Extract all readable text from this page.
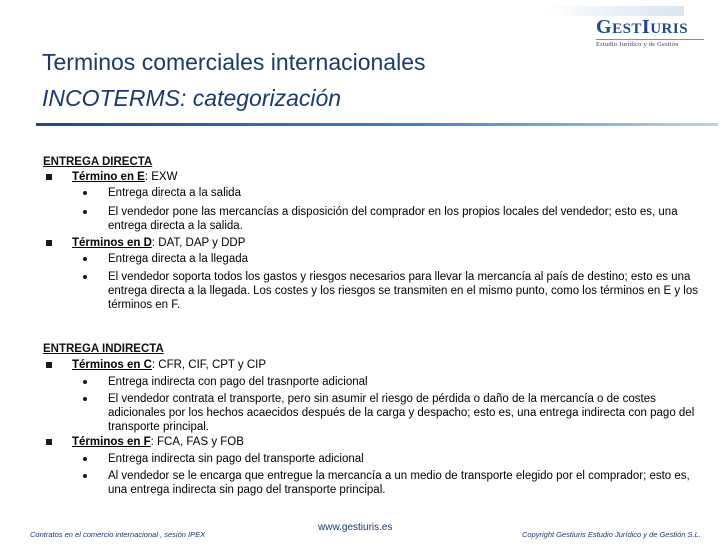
GESTIURIS
Estudio Jurídico y de Gestión
Terminos comerciales internacionales
INCOTERMS: categorización
ENTREGA DIRECTA
Término en E: EXW
Entrega directa a la salida
El vendedor pone las mercancías a disposición del comprador en los propios locales del vendedor; esto es, una entrega directa a la salida.
Términos en D: DAT, DAP y DDP
Entrega directa a la llegada
El vendedor soporta todos los gastos y riesgos necesarios para llevar la mercancía al país de destino; esto es una entrega directa a la llegada. Los costes y los riesgos se transmiten en el mismo punto, como los términos en E y los términos en F.
ENTREGA INDIRECTA
Términos en C: CFR, CIF, CPT y CIP
Entrega indirecta con pago del trasnporte adicional
El vendedor contrata el transporte, pero sin asumir el riesgo de pérdida o daño de la mercancía o de costes adicionales por los hechos acaecidos después de la carga y despacho; esto es, una entrega indirecta con pago del transporte principal.
Términos en F: FCA, FAS y FOB
Entrega indirecta sin pago del transporte adicional
Al vendedor se le encarga que entregue la mercancía a un medio de transporte elegido por el comprador; esto es, una entrega indirecta sin pago del transporte principal.
Contratos en el comercio internacional , sesión IPEX
www.gestiuris.es
Copyright Gestiuris Estudio Jurídico y de Gestión S.L.
